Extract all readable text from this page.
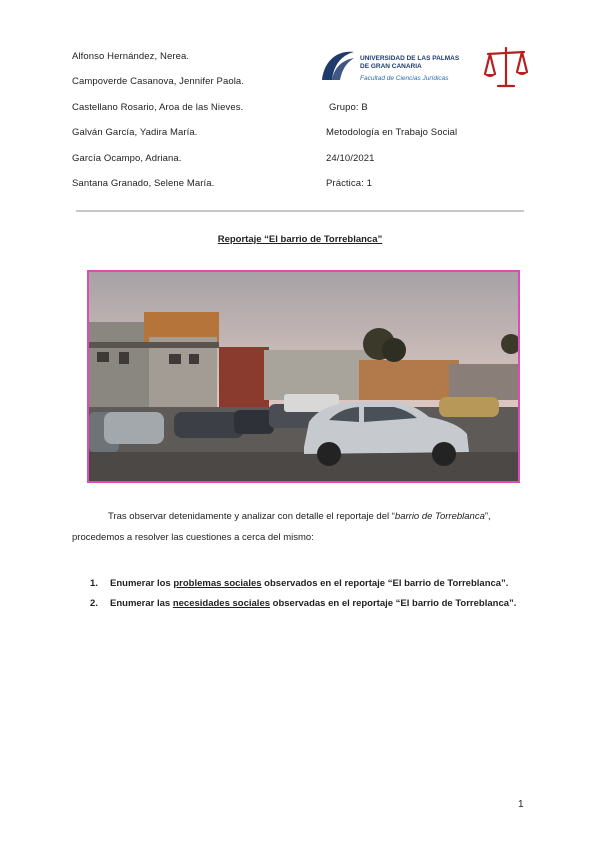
Alfonso Hernández, Nerea.
Campoverde Casanova, Jennifer Paola.
Castellano Rosario, Aroa de las Nieves.
Galván García, Yadira María.
García Ocampo, Adriana.
Santana Granado, Selene María.
Grupo: B
Metodología en Trabajo Social
24/10/2021
Práctica: 1
UNIVERSIDAD DE LAS PALMAS
DE GRAN CANARIA
Facultad de Ciencias Jurídicas
Reportaje “El barrio de Torreblanca”
Tras observar detenidamente y analizar con detalle el reportaje del “barrio de Torreblanca”,
procedemos a resolver las cuestiones a cerca del mismo:
1. Enumerar los problemas sociales observados en el reportaje “El barrio de Torreblanca”.
2. Enumerar las necesidades sociales observadas en el reportaje “El barrio de Torreblanca”.
1
